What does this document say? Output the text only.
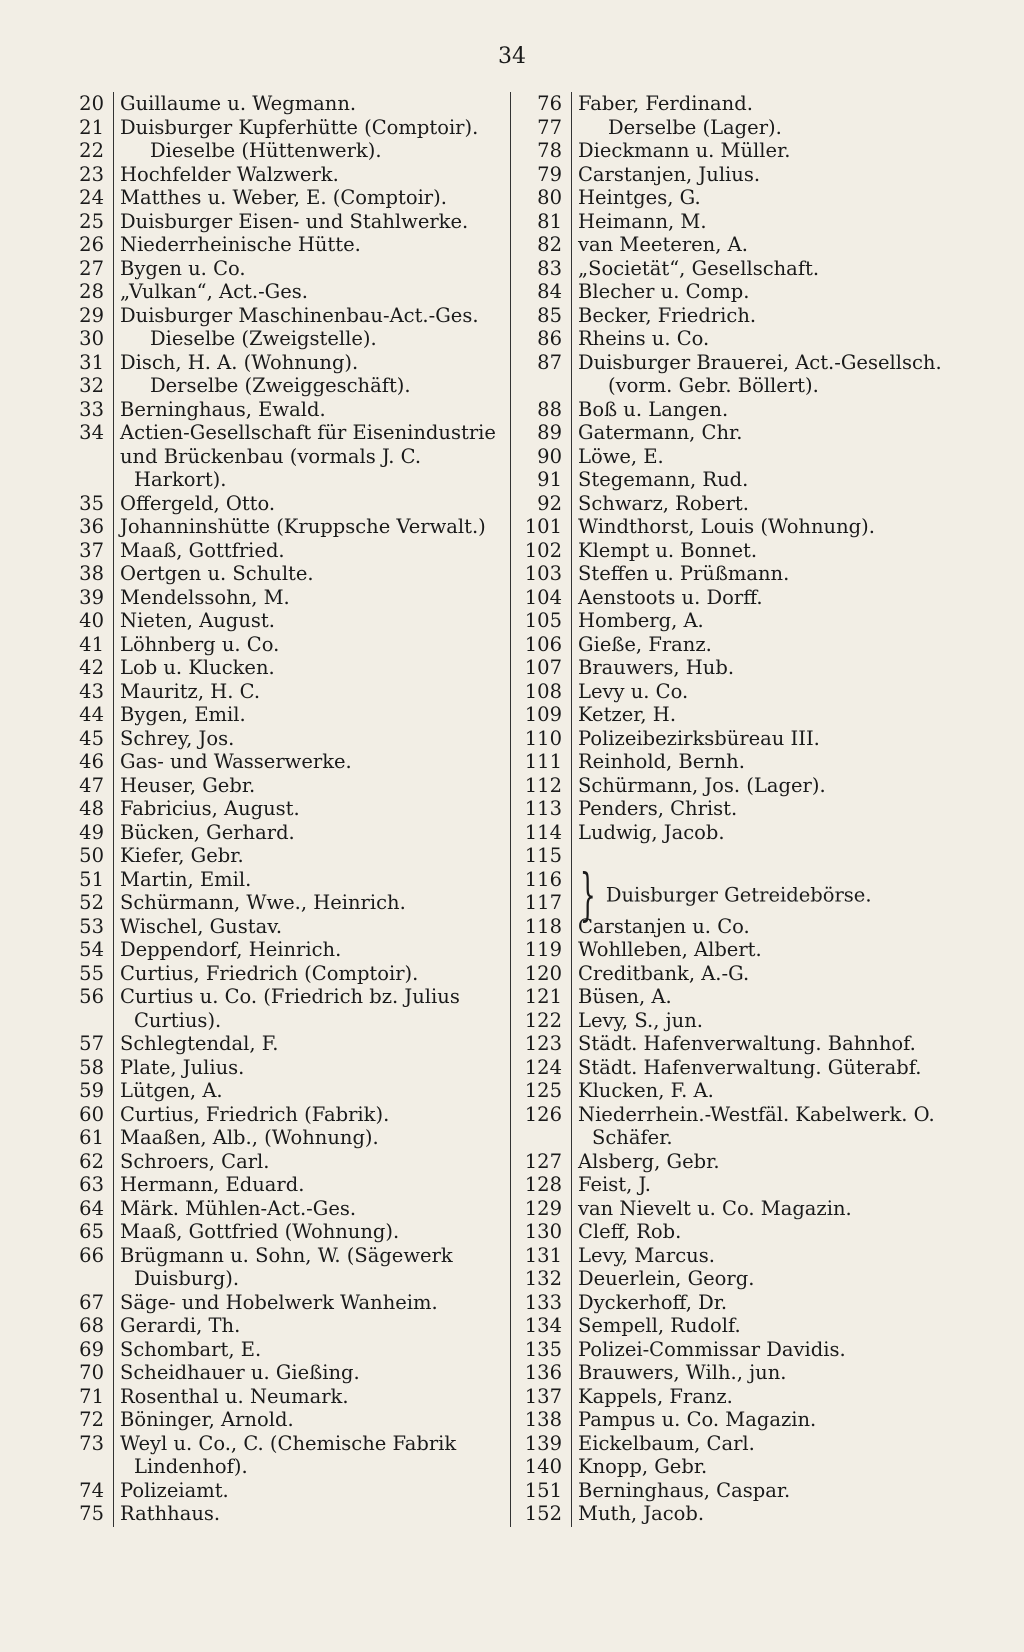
34
20 Guillaume u. Wegmann.
21 Duisburger Kupferhütte (Comptoir).
22	Dieselbe (Hüttenwerk).
23 Hochfelder Walzwerk.
24 Matthes u. Weber, E. (Comptoir).
25 Duisburger Eisen- und Stahlwerke.
26 Niederrheinische Hütte.
27 Bygen u. Co.
28 „Vulkan“, Act.-Ges.
29 Duisburger Maschinenbau-Act.-Ges.
30	Dieselbe (Zweigstelle).
31 Disch, H. A. (Wohnung).
32	Derselbe (Zweiggeschäft).
33 Berninghaus, Ewald.
34 Actien-Gesellschaft für Eisenindustrie
und Brückenbau (vormals J. C.
Harkort).
35 Offergeld, Otto.
36 Johanninshütte (Kruppsche Verwalt.)
37 Maaß, Gottfried.
38 Oertgen u. Schulte.
39 Mendelssohn, M.
40 Nieten, August.
41 Löhnberg u. Co.
42 Lob u. Klucken.
43 Mauritz, H. C.
44 Bygen, Emil.
45 Schrey, Jos.
46 Gas- und Wasserwerke.
47 Heuser, Gebr.
48 Fabricius, August.
49 Bücken, Gerhard.
50 Kiefer, Gebr.
51 Martin, Emil.
52 Schürmann, Wwe., Heinrich.
53 Wischel, Gustav.
54 Deppendorf, Heinrich.
55 Curtius, Friedrich (Comptoir).
56 Curtius u. Co. (Friedrich bz. Julius
Curtius).
57 Schlegtendal, F.
58 Plate, Julius.
59 Lütgen, A.
60 Curtius, Friedrich (Fabrik).
61 Maaßen, Alb., (Wohnung).
62 Schroers, Carl.
63 Hermann, Eduard.
64 Märk. Mühlen-Act.-Ges.
65 Maaß, Gottfried (Wohnung).
66 Brügmann u. Sohn, W. (Sägewerk
Duisburg).
67 Säge- und Hobelwerk Wanheim.
68 Gerardi, Th.
69 Schombart, E.
70 Scheidhauer u. Gießing.
71 Rosenthal u. Neumark.
72 Böninger, Arnold.
73 Weyl u. Co., C. (Chemische Fabrik
Lindenhof).
74 Polizeiamt.
75 Rathhaus.
76 Faber, Ferdinand.
77	Derselbe (Lager).
78 Dieckmann u. Müller.
79 Carstanjen, Julius.
80 Heintges, G.
81 Heimann, M.
82 van Meeteren, A.
83 „Societät“, Gesellschaft.
84 Blecher u. Comp.
85 Becker, Friedrich.
86 Rheins u. Co.
87 Duisburger Brauerei, Act.-Gesellsch.
(vorm. Gebr. Böllert).
88 Boß u. Langen.
89 Gatermann, Chr.
90 Löwe, E.
91 Stegemann, Rud.
92 Schwarz, Robert.
101 Windthorst, Louis (Wohnung).
102 Klempt u. Bonnet.
103 Steffen u. Prüßmann.
104 Aenstoots u. Dorff.
105 Homberg, A.
106 Gieße, Franz.
107 Brauwers, Hub.
108 Levy u. Co.
109 Ketzer, H.
110 Polizeibezirksbüreau III.
111 Reinhold, Bernh.
112 Schürmann, Jos. (Lager).
113 Penders, Christ.
114 Ludwig, Jacob.
115
116 } Duisburger Getreidebörse.
117
118 Carstanjen u. Co.
119 Wohlleben, Albert.
120 Creditbank, A.-G.
121 Büsen, A.
122 Levy, S., jun.
123 Städt. Hafenverwaltung. Bahnhof.
124 Städt. Hafenverwaltung. Güterabf.
125 Klucken, F. A.
126 Niederrhein.-Westfäl. Kabelwerk. O.
Schäfer.
127 Alsberg, Gebr.
128 Feist, J.
129 van Nievelt u. Co. Magazin.
130 Cleff, Rob.
131 Levy, Marcus.
132 Deuerlein, Georg.
133 Dyckerhoff, Dr.
134 Sempell, Rudolf.
135 Polizei-Commissar Davidis.
136 Brauwers, Wilh., jun.
137 Kappels, Franz.
138 Pampus u. Co. Magazin.
139 Eickelbaum, Carl.
140 Knopp, Gebr.
151 Berninghaus, Caspar.
152 Muth, Jacob.
